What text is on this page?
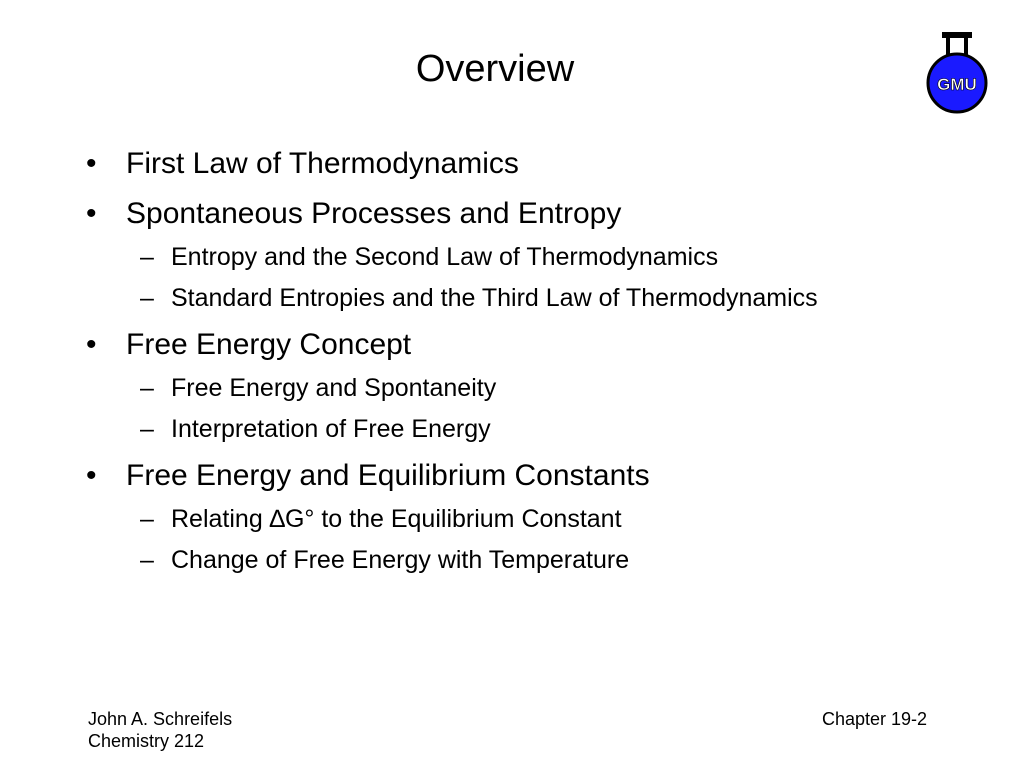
Overview	GMU
• First Law of Thermodynamics
• Spontaneous Processes and Entropy
– Entropy and the Second Law of Thermodynamics
– Standard Entropies and the Third Law of Thermodynamics
• Free Energy Concept
– Free Energy and Spontaneity
– Interpretation of Free Energy
• Free Energy and Equilibrium Constants
– Relating ∆G° to the Equilibrium Constant
– Change of Free Energy with Temperature
John A. Schreifels
Chemistry 212
Chapter 19-2
